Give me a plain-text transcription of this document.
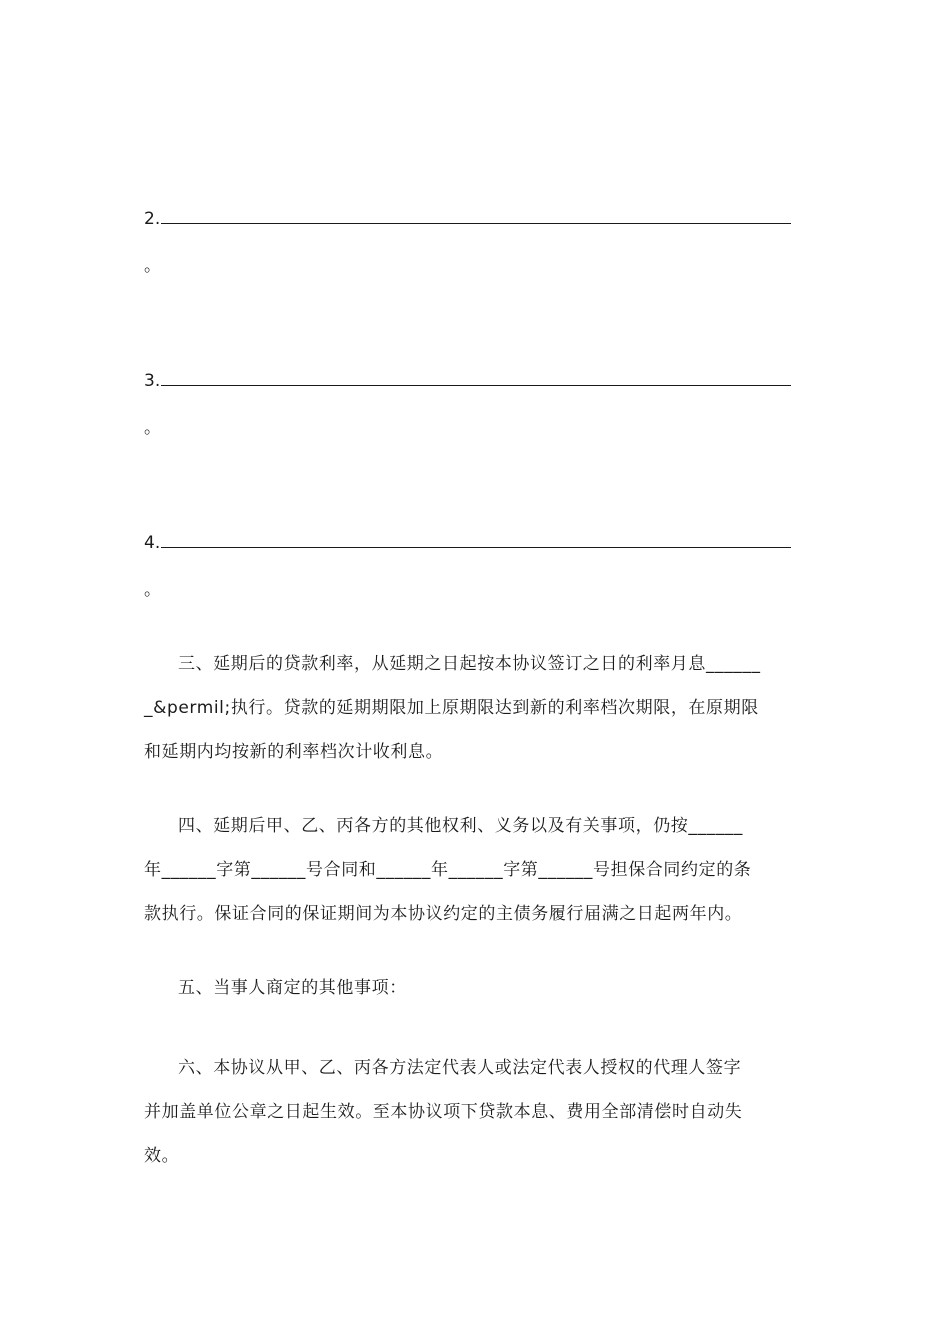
2.
。
3.
。
4.
。

三、延期后的贷款利率，从延期之日起按本协议签订之日的利率月息______

_&permil;执行。贷款的延期期限加上原期限达到新的利率档次期限，在原期限

和延期内均按新的利率档次计收利息。

四、延期后甲、乙、丙各方的其他权利、义务以及有关事项，仍按______

年______字第______号合同和______年______字第______号担保合同约定的条

款执行。保证合同的保证期间为本协议约定的主债务履行届满之日起两年内。

五、当事人商定的其他事项：

六、本协议从甲、乙、丙各方法定代表人或法定代表人授权的代理人签字

并加盖单位公章之日起生效。至本协议项下贷款本息、费用全部清偿时自动失

效。
